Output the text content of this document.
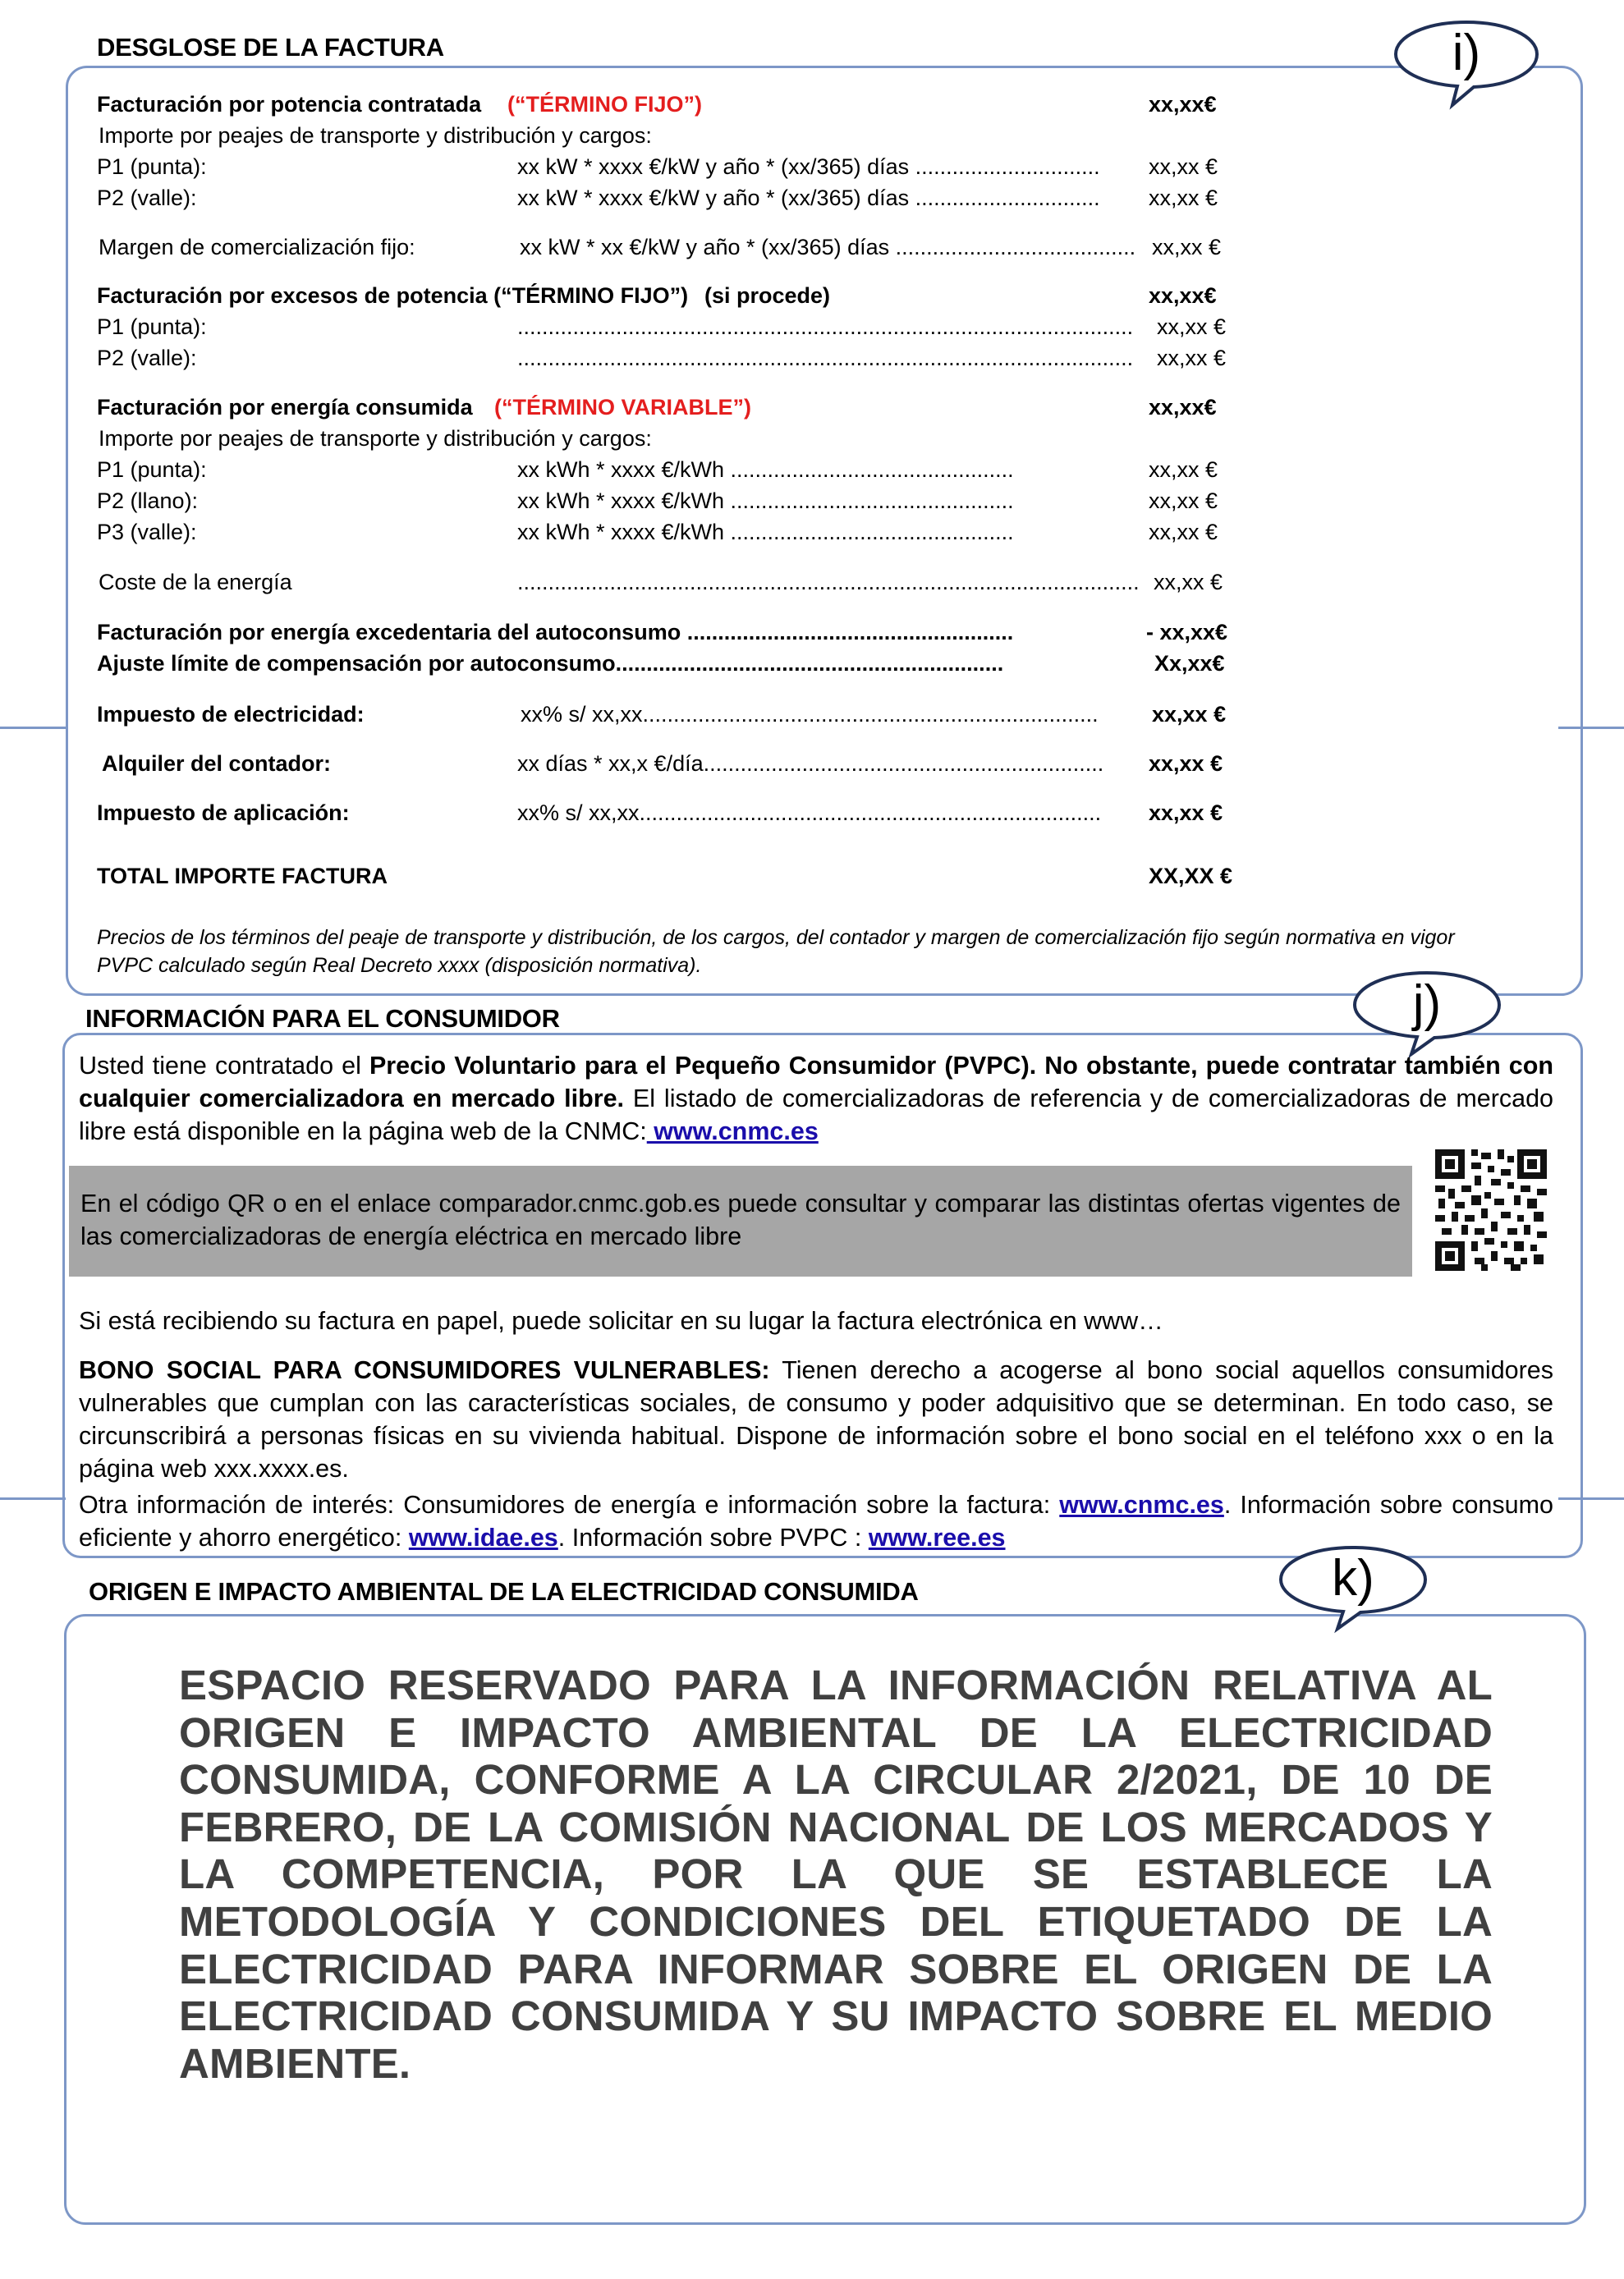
DESGLOSE DE LA FACTURA	i)
Facturación por potencia contratada (“TÉRMINO FIJO”)	xx,xx€
Importe por peajes de transporte y distribución y cargos:
P1 (punta):	xx kW * xxxx €/kW y año * (xx/365) días .............................. xx,xx €
P2 (valle):	xx kW * xxxx €/kW y año * (xx/365) días .............................. xx,xx €
Margen de comercialización fijo:	xx kW * xx €/kW y año * (xx/365) días ....................................... xx,xx €
Facturación por excesos de potencia (“TÉRMINO FIJO”) (si procede)	xx,xx€
P1 (punta):	.................................................................................................... xx,xx €
P2 (valle):	.................................................................................................... xx,xx €
Facturación por energía consumida (“TÉRMINO VARIABLE”)	xx,xx€
Importe por peajes de transporte y distribución y cargos:
P1 (punta):	xx kWh * xxxx €/kWh ..............................................	xx,xx €
P2 (llano):	xx kWh * xxxx €/kWh ..............................................	xx,xx €
P3 (valle):	xx kWh * xxxx €/kWh ..............................................	xx,xx €
Coste de la energía	..................................................................................................... xx,xx €
Facturación por energía excedentaria del autoconsumo .....................................................	- xx,xx€
Ajuste límite de compensación por autoconsumo...............................................................	Xx,xx€
Impuesto de electricidad:	xx% s/ xx,xx.......................................................................... xx,xx €
Alquiler del contador:	xx días * xx,x €/día................................................................. xx,xx €
Impuesto de aplicación:	xx% s/ xx,xx........................................................................... xx,xx €
TOTAL IMPORTE FACTURA	XX,XX €
Precios de los términos del peaje de transporte y distribución, de los cargos, del contador y margen de comercialización fijo según normativa en vigor
PVPC calculado según Real Decreto xxxx (disposición normativa).
INFORMACIÓN PARA EL CONSUMIDOR	j)
Usted tiene contratado el Precio Voluntario para el Pequeño Consumidor (PVPC). No obstante, puede contratar también con cualquier comercializadora en mercado libre. El listado de comercializadoras de referencia y de comercializadoras de mercado libre está disponible en la página web de la CNMC: www.cnmc.es
En el código QR o en el enlace comparador.cnmc.gob.es puede consultar y comparar las distintas ofertas vigentes de las comercializadoras de energía eléctrica en mercado libre
Si está recibiendo su factura en papel, puede solicitar en su lugar la factura electrónica en www…
BONO SOCIAL PARA CONSUMIDORES VULNERABLES: Tienen derecho a acogerse al bono social aquellos consumidores vulnerables que cumplan con las características sociales, de consumo y poder adquisitivo que se determinan. En todo caso, se circunscribirá a personas físicas en su vivienda habitual. Dispone de información sobre el bono social en el teléfono xxx o en la página web xxx.xxxx.es.
Otra información de interés: Consumidores de energía e información sobre la factura: www.cnmc.es. Información sobre consumo eficiente y ahorro energético: www.idae.es. Información sobre PVPC : www.ree.es
ORIGEN E IMPACTO AMBIENTAL DE LA ELECTRICIDAD CONSUMIDA	k)
ESPACIO RESERVADO PARA LA INFORMACIÓN RELATIVA AL ORIGEN E IMPACTO AMBIENTAL DE LA ELECTRICIDAD CONSUMIDA, CONFORME A LA CIRCULAR 2/2021, DE 10 DE FEBRERO, DE LA COMISIÓN NACIONAL DE LOS MERCADOS Y LA COMPETENCIA, POR LA QUE SE ESTABLECE LA METODOLOGÍA Y CONDICIONES DEL ETIQUETADO DE LA ELECTRICIDAD PARA INFORMAR SOBRE EL ORIGEN DE LA ELECTRICIDAD CONSUMIDA Y SU IMPACTO SOBRE EL MEDIO AMBIENTE.
